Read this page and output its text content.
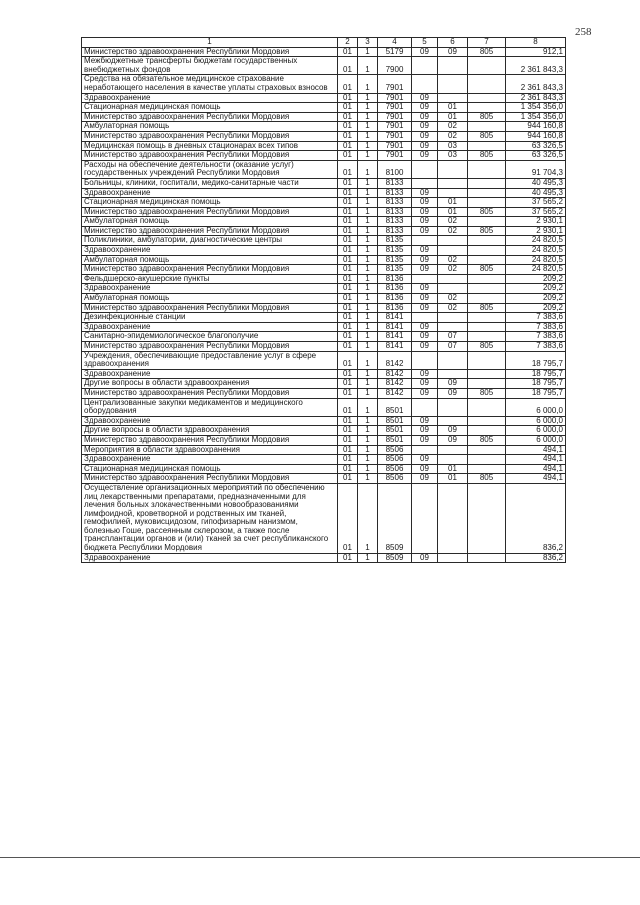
258
1	2	3	4	5	6	7	8
Министерство здравоохранения Республики Мордовия	01	1	5179	09	09	805	912,1
Межбюджетные трансферты бюджетам государственных внебюджетных фондов	01	1	7900				2 361 843,3
Средства на обязательное медицинское страхование неработающего населения в качестве уплаты страховых взносов	01	1	7901				2 361 843,3
Здравоохранение	01	1	7901	09			2 361 843,3
Стационарная медицинская помощь	01	1	7901	09	01		1 354 356,0
Министерство здравоохранения Республики Мордовия	01	1	7901	09	01	805	1 354 356,0
Амбулаторная помощь	01	1	7901	09	02		944 160,8
Министерство здравоохранения Республики Мордовия	01	1	7901	09	02	805	944 160,8
Медицинская помощь в дневных стационарах всех типов	01	1	7901	09	03		63 326,5
Министерство здравоохранения Республики Мордовия	01	1	7901	09	03	805	63 326,5
Расходы на обеспечение деятельности (оказание услуг) государственных учреждений Республики Мордовия	01	1	8100				91 704,3
Больницы, клиники, госпитали, медико-санитарные части	01	1	8133				40 495,3
Здравоохранение	01	1	8133	09			40 495,3
Стационарная медицинская помощь	01	1	8133	09	01		37 565,2
Министерство здравоохранения Республики Мордовия	01	1	8133	09	01	805	37 565,2
Амбулаторная помощь	01	1	8133	09	02		2 930,1
Министерство здравоохранения Республики Мордовия	01	1	8133	09	02	805	2 930,1
Поликлиники, амбулатории, диагностические центры	01	1	8135				24 820,5
Здравоохранение	01	1	8135	09			24 820,5
Амбулаторная помощь	01	1	8135	09	02		24 820,5
Министерство здравоохранения Республики Мордовия	01	1	8135	09	02	805	24 820,5
Фельдшерско-акушерские пункты	01	1	8136				209,2
Здравоохранение	01	1	8136	09			209,2
Амбулаторная помощь	01	1	8136	09	02		209,2
Министерство здравоохранения Республики Мордовия	01	1	8136	09	02	805	209,2
Дезинфекционные станции	01	1	8141				7 383,6
Здравоохранение	01	1	8141	09			7 383,6
Санитарно-эпидемиологическое благополучие	01	1	8141	09	07		7 383,6
Министерство здравоохранения Республики Мордовия	01	1	8141	09	07	805	7 383,6
Учреждения, обеспечивающие предоставление услуг в сфере здравоохранения	01	1	8142				18 795,7
Здравоохранение	01	1	8142	09			18 795,7
Другие вопросы в области здравоохранения	01	1	8142	09	09		18 795,7
Министерство здравоохранения Республики Мордовия	01	1	8142	09	09	805	18 795,7
Централизованные закупки медикаментов и медицинского оборудования	01	1	8501				6 000,0
Здравоохранение	01	1	8501	09			6 000,0
Другие вопросы в области здравоохранения	01	1	8501	09	09		6 000,0
Министерство здравоохранения Республики Мордовия	01	1	8501	09	09	805	6 000,0
Мероприятия в области здравоохранения	01	1	8506				494,1
Здравоохранение	01	1	8506	09			494,1
Стационарная медицинская помощь	01	1	8506	09	01		494,1
Министерство здравоохранения Республики Мордовия	01	1	8506	09	01	805	494,1
Осуществление организационных мероприятий по обеспечению лиц лекарственными препаратами, предназначенными для лечения больных злокачественными новообразованиями лимфоидной, кроветворной и родственных им тканей, гемофилией, муковисцидозом, гипофизарным нанизмом, болезнью Гоше, рассеянным склерозом, а также после трансплантации органов и (или) тканей за счет республиканского бюджета Республики Мордовия	01	1	8509				836,2
Здравоохранение	01	1	8509	09			836,2
